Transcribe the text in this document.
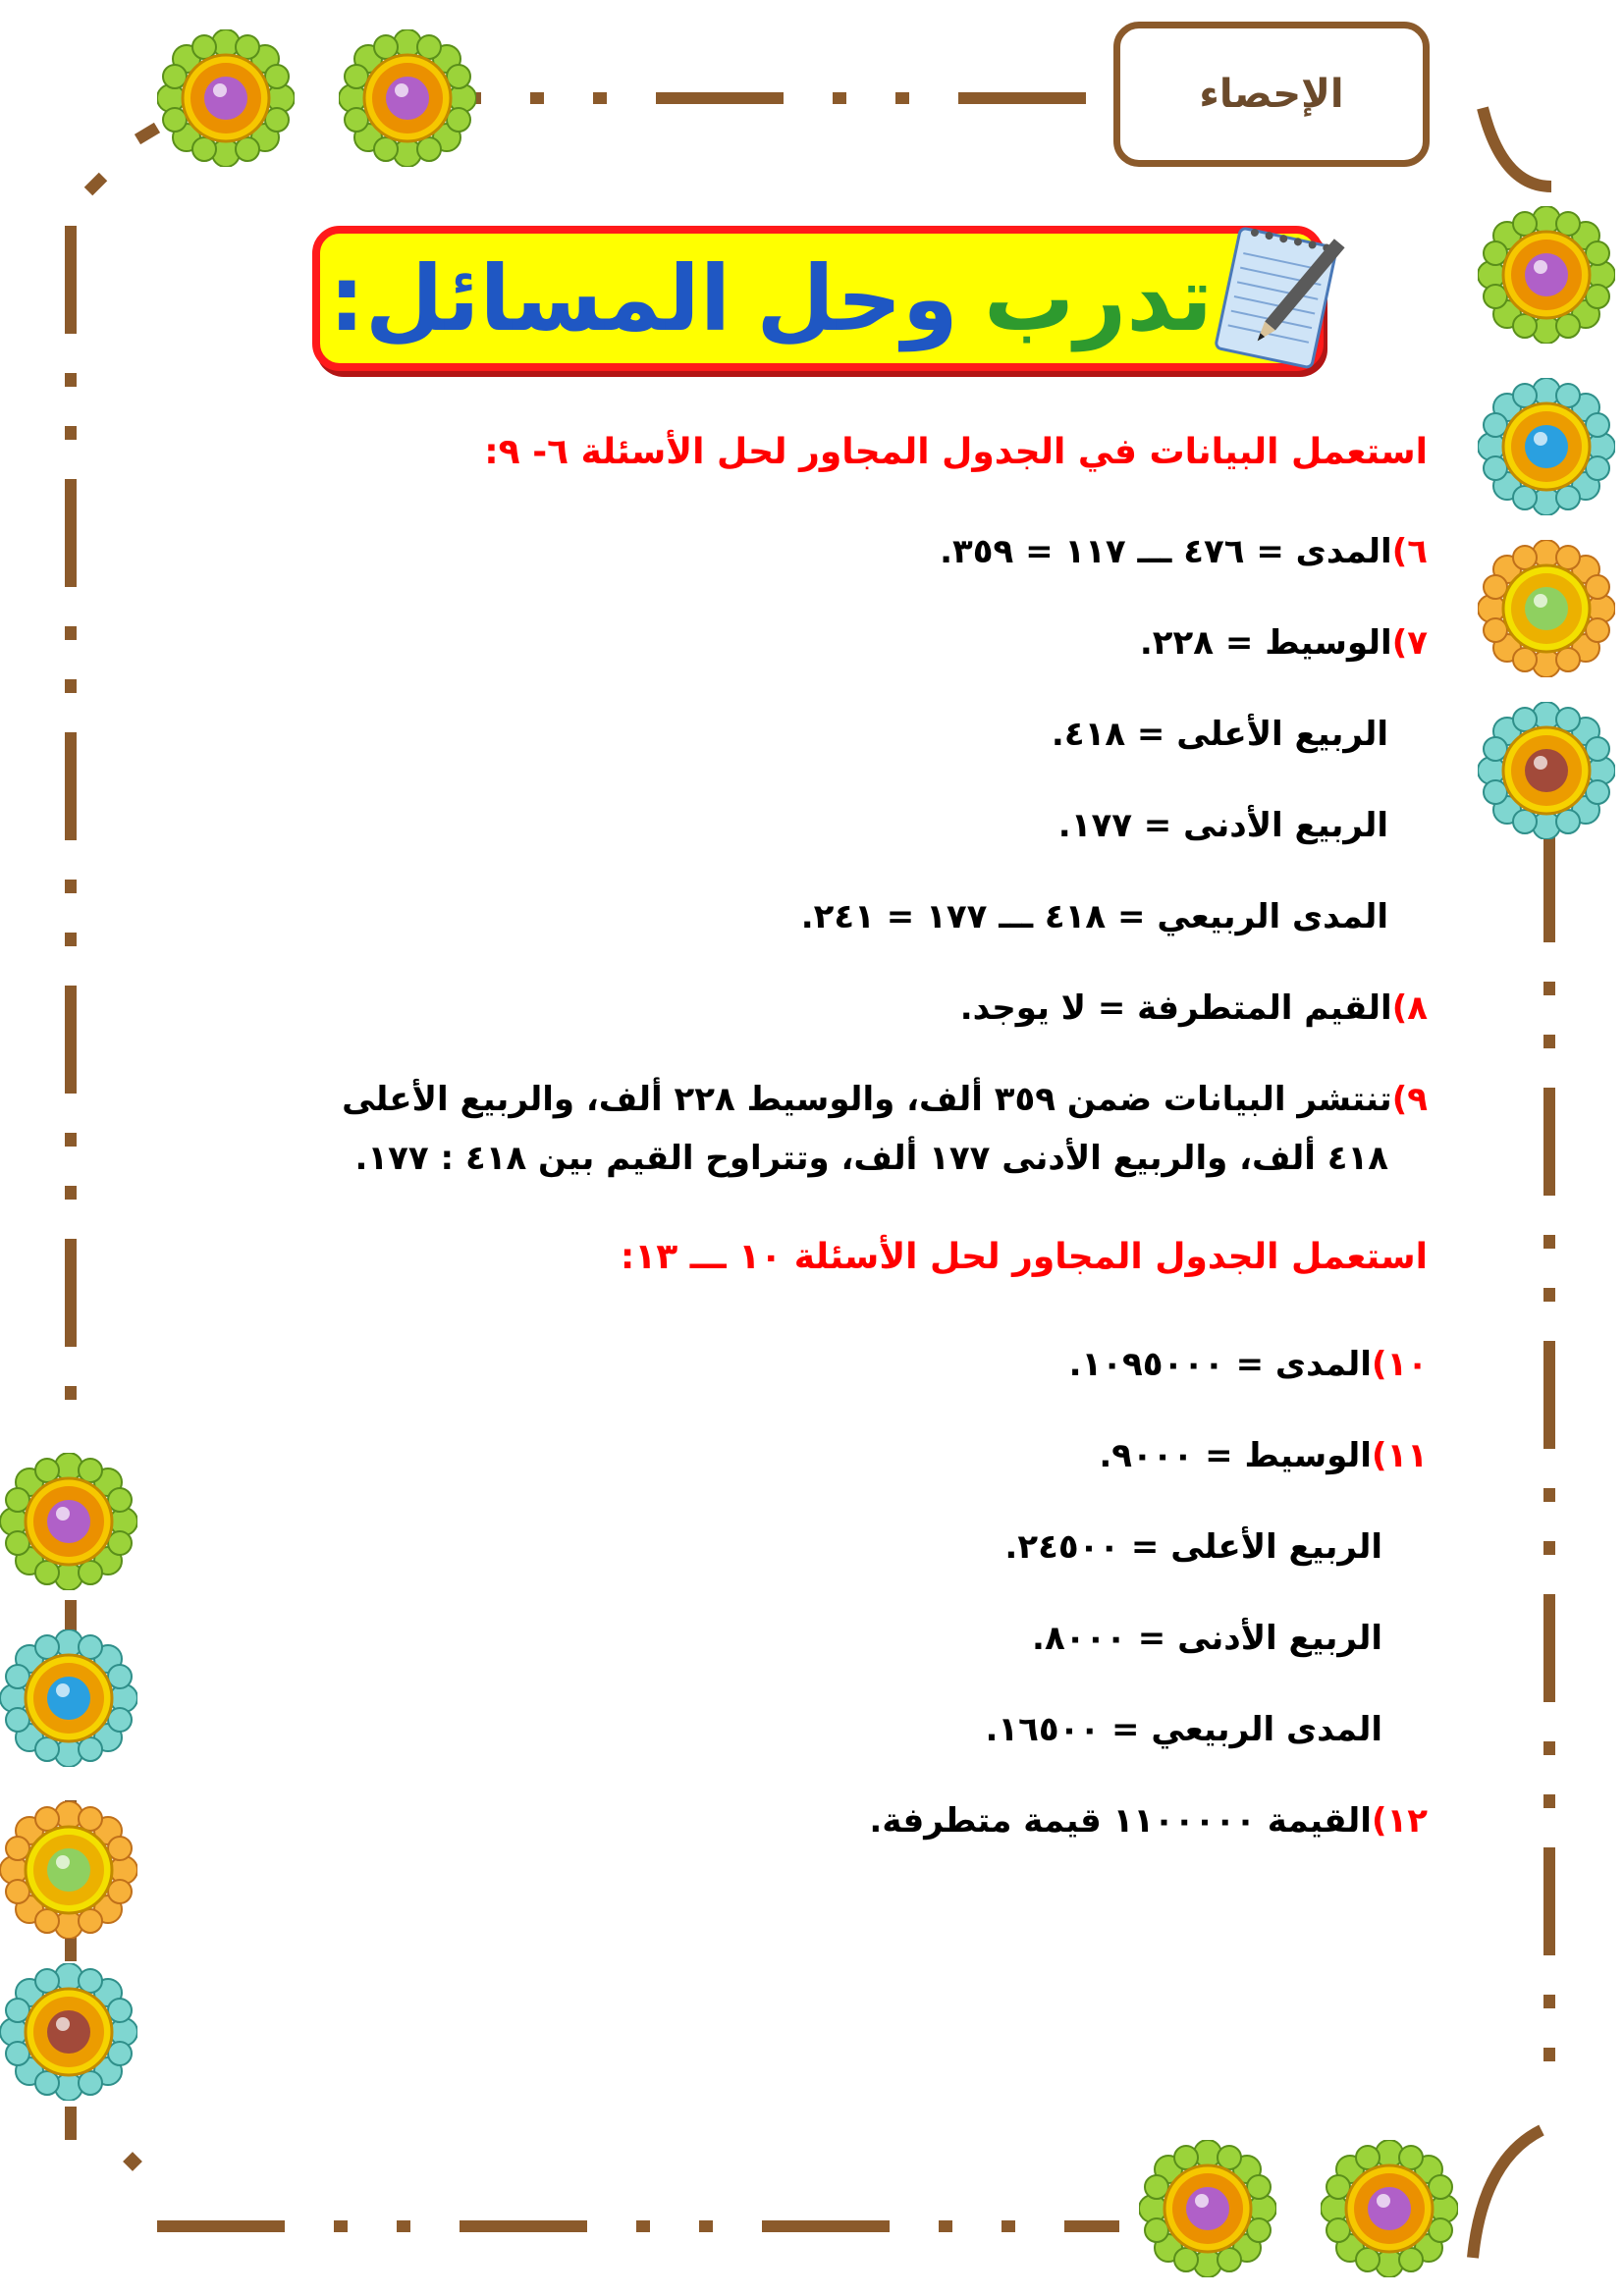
الإحصاء
تدرب
وحل
المسائل:
استعمل البيانات في الجدول المجاور لحل الأسئلة ٦- ٩:
٦)المدى = ٤٧٦ ـــ ١١٧ = ٣٥٩.
٧)الوسيط = ٢٢٨.
الربيع الأعلى = ٤١٨.
الربيع الأدنى = ١٧٧.
المدى الربيعي = ٤١٨ ـــ ١٧٧ = ٢٤١.
٨)القيم المتطرفة = لا يوجد.
٩)تنتشر البيانات ضمن ٣٥٩ ألف، والوسيط ٢٢٨ ألف، والربيع الأعلى
٤١٨ ألف، والربيع الأدنى ١٧٧ ألف، وتتراوح القيم بين ٤١٨ : ١٧٧.
استعمل الجدول المجاور لحل الأسئلة ١٠ ـــ ١٣:
١٠)المدى = ١٠٩٥٠٠٠.
١١)الوسيط = ٩٠٠٠.
الربيع الأعلى = ٢٤٥٠٠.
الربيع الأدنى = ٨٠٠٠.
المدى الربيعي = ١٦٥٠٠.
١٢)القيمة ١١٠٠٠٠٠ قيمة متطرفة.
